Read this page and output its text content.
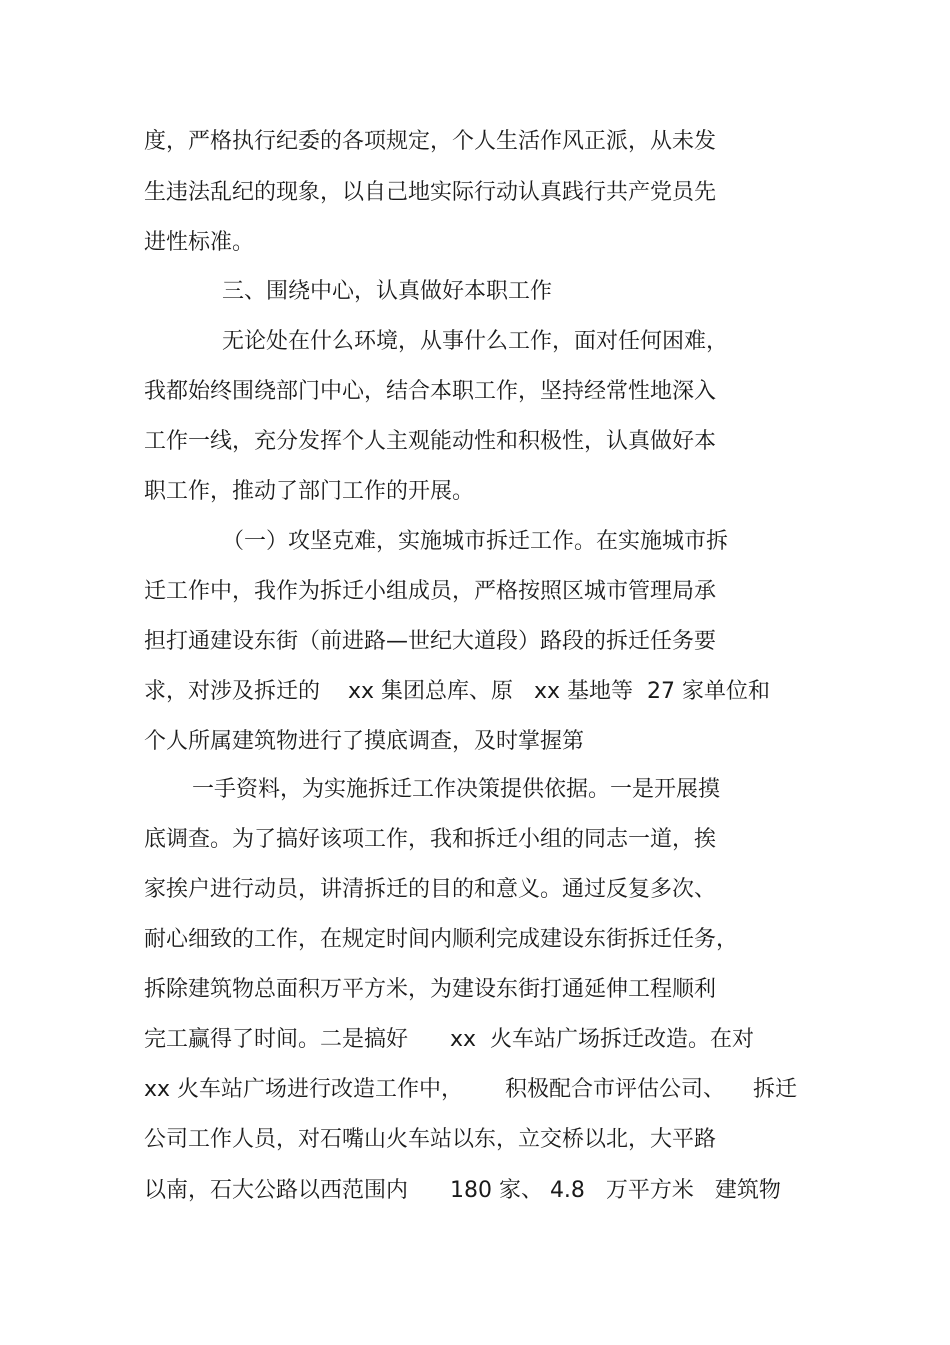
度，严格执行纪委的各项规定，个人生活作风正派，从未发

生违法乱纪的现象，以自己地实际行动认真践行共产党员先

进性标准。

三、围绕中心，认真做好本职工作

无论处在什么环境，从事什么工作，面对任何困难，

我都始终围绕部门中心，结合本职工作，坚持经常性地深入

工作一线，充分发挥个人主观能动性和积极性，认真做好本

职工作，推动了部门工作的开展。

（一）攻坚克难，实施城市拆迁工作。在实施城市拆

迁工作中，我作为拆迁小组成员，严格按照区城市管理局承

担打通建设东街（前进路—世纪大道段）路段的拆迁任务要

求，对涉及拆迁的    xx 集团总库、原   xx 基地等  27 家单位和

个人所属建筑物进行了摸底调查，及时掌握第

一手资料，为实施拆迁工作决策提供依据。一是开展摸

底调查。为了搞好该项工作，我和拆迁小组的同志一道，挨

家挨户进行动员，讲清拆迁的目的和意义。通过反复多次、

耐心细致的工作，在规定时间内顺利完成建设东街拆迁任务，

拆除建筑物总面积万平方米，为建设东街打通延伸工程顺利

完工赢得了时间。二是搞好      xx  火车站广场拆迁改造。在对

xx 火车站广场进行改造工作中，      积极配合市评估公司、    拆迁

公司工作人员，对石嘴山火车站以东，立交桥以北，大平路

以南，石大公路以西范围内      180 家、 4.8   万平方米   建筑物
